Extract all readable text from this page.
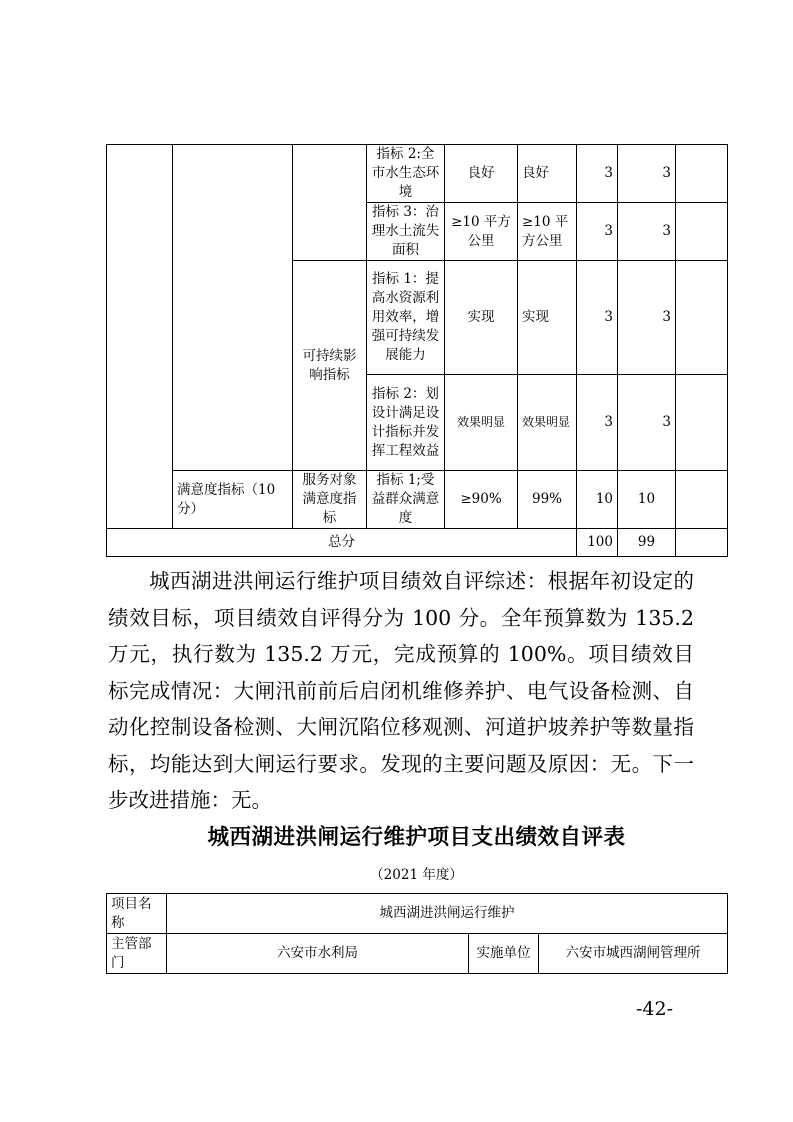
			指标 2:全市水生态环境	良好	良好	3	3	
			指标 3：治理水土流失面积	≥10 平方公里	≥10 平方公里	3	3	
		可持续影响指标	指标 1：提高水资源利用效率，增强可持续发展能力	实现	实现	3	3	
			指标 2：划设计满足设计指标并发挥工程效益	效果明显	效果明显	3	3	
	满意度指标（10 分）	服务对象满意度指标	指标 1;受益群众满意度	≥90%	99%	10	10	
总分						100	99	

城西湖进洪闸运行维护项目绩效自评综述：根据年初设定的绩效目标，项目绩效自评得分为 100 分。全年预算数为 135.2 万元，执行数为 135.2 万元，完成预算的 100%。项目绩效目标完成情况：大闸汛前前后启闭机维修养护、电气设备检测、自动化控制设备检测、大闸沉陷位移观测、河道护坡养护等数量指标，均能达到大闸运行要求。发现的主要问题及原因：无。下一步改进措施：无。

城西湖进洪闸运行维护项目支出绩效自评表
（2021 年度）
项目名称	城西湖进洪闸运行维护		
主管部门	六安市水利局	实施单位	六安市城西湖闸管理所
-42-
